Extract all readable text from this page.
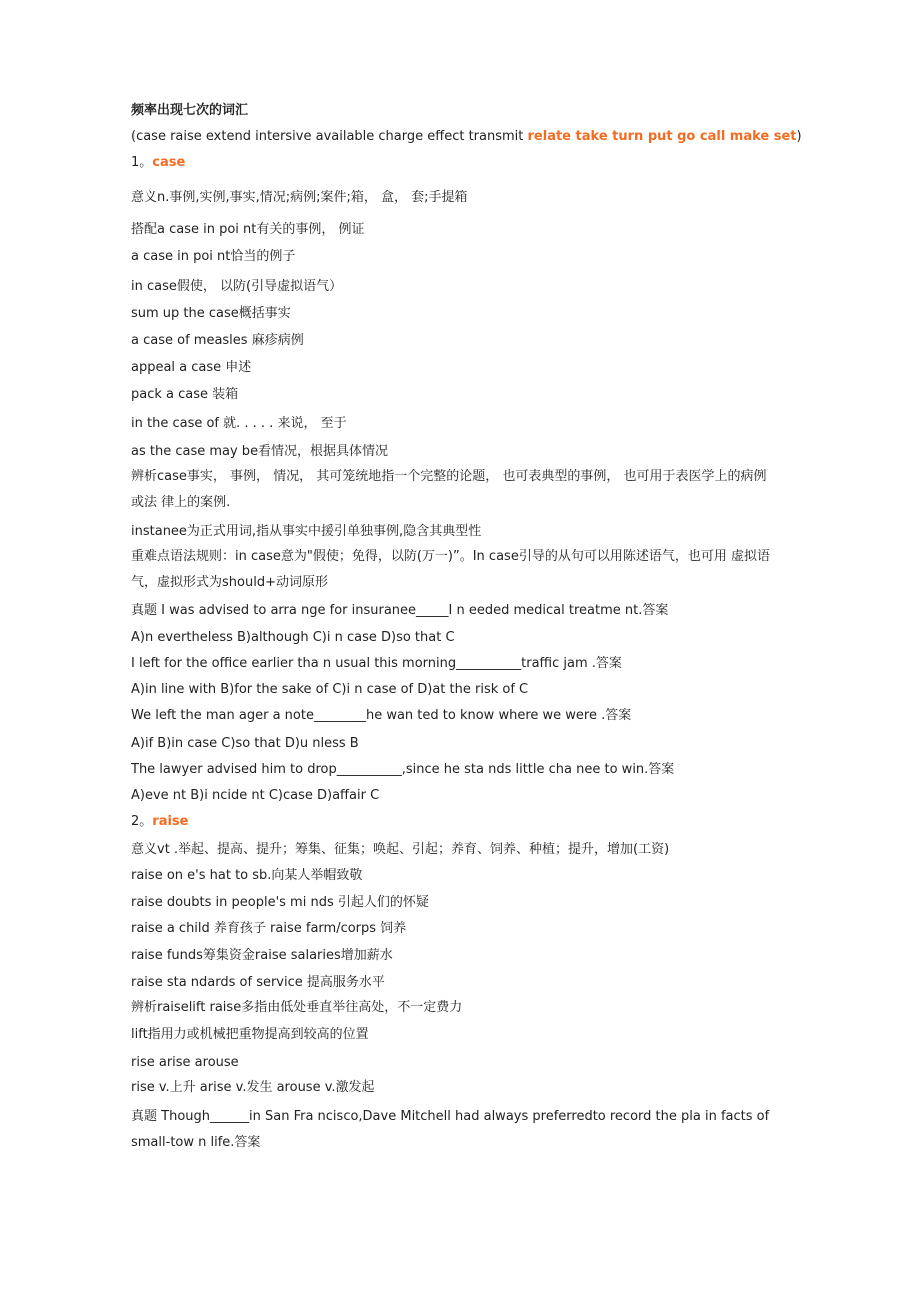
频率出现七次的词汇
(case raise extend intersive available charge effect transmit relate take turn put go call make set)
1。case
意义n.事例,实例,事实,情况;病例;案件;箱， 盒， 套;手提箱
搭配a case in poi nt有关的事例， 例证
a case in poi nt恰当的例子
in case假使， 以防(引导虚拟语气）
sum up the case概括事实
a case of measles 麻疹病例
appeal a case 申述
pack a case 装箱
in the case of 就. . . . . 来说， 至于
as the case may be看情况，根据具体情况
辨析case事实， 事例， 情况， 其可笼统地指一个完整的论题， 也可表典型的事例， 也可用于表医学上的病例
或法 律上的案例.
instanee为正式用词,指从事实中援引单独事例,隐含其典型性
重难点语法规则：in case意为"假使；免得，以防(万一)”。In case引导的从句可以用陈述语气，也可用 虚拟语
气，虚拟形式为should+动词原形
真题 I was advised to arra nge for insuranee_____I n eeded medical treatme nt.答案
A)n evertheless B)although C)i n case D)so that C
I left for the office earlier tha n usual this morning__________traffic jam .答案
A)in line with B)for the sake of C)i n case of D)at the risk of C
We left the man ager a note________he wan ted to know where we were .答案
A)if B)in case C)so that D)u nless B
The lawyer advised him to drop__________,since he sta nds little cha nee to win.答案
A)eve nt B)i ncide nt C)case D)affair C
2。raise
意义vt .举起、提高、提升；筹集、征集；唤起、引起；养育、饲养、种植；提升，增加(工资)
raise on e's hat to sb.向某人举帽致敬
raise doubts in people's mi nds 引起人们的怀疑
raise a child 养育孩子 raise farm/corps 饲养
raise funds筹集资金raise salaries增加薪水
raise sta ndards of service 提高服务水平
辨析raiselift raise多指由低处垂直举往高处，不一定费力
lift指用力或机械把重物提高到较高的位置
rise arise arouse
rise v.上升 arise v.发生 arouse v.激发起
真题 Though______in San Fra ncisco,Dave Mitchell had always preferredto record the pla in facts of
small-tow n life.答案
